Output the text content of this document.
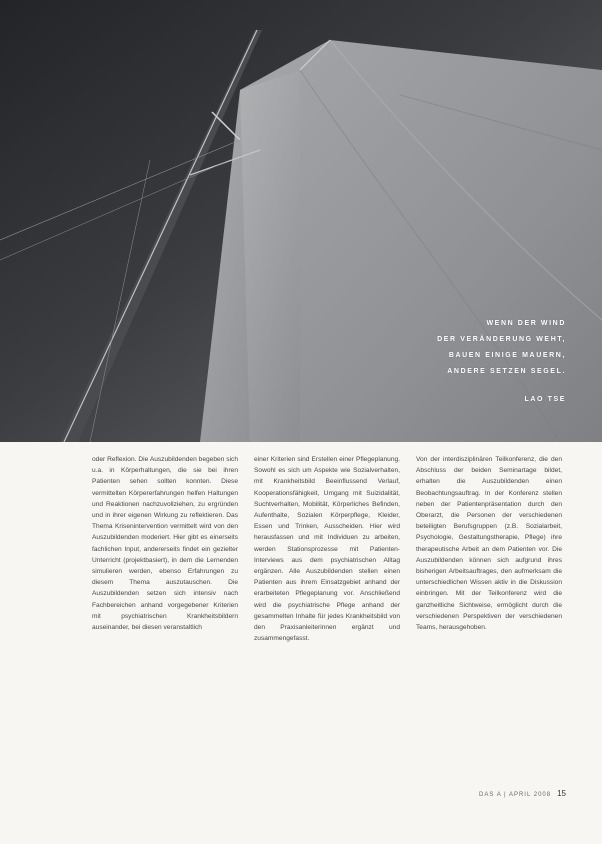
WENN DER WIND
DER VERÄNDERUNG WEHT,
BAUEN EINIGE MAUERN,
ANDERE SETZEN SEGEL.
LAO TSE

oder Reflexion. Die Auszubildenden begeben sich u.a. in Körperhaltungen, die sie bei ihren Patienten sehen sollten konnten. Diese vermittelten Körpererfahrungen helfen Haltungen und Reaktionen nachzuvollziehen, zu ergründen und in ihrer eigenen Wirkung zu reflektieren. Das Thema Krisenintervention vermittelt wird von den Auszubildenden moderiert. Hier gibt es einerseits fachlichen Input, andererseits findet ein gezielter Unterricht (projektbasiert), in dem die Lernenden simulieren werden, ebenso Erfahrungen zu diesem Thema auszutauschen. Die Auszubildenden setzen sich intensiv nach Fachbereichen anhand vorgegebener Kriterien mit psychiatrischen Krankheitsbildern auseinander, bei diesen veranstaltlich

einer Kriterien sind Erstellen einer Pflegeplanung. Sowohl es sich um Aspekte wie Sozialverhalten, mit Krankheitsbild Beeinflussend Verlauf, Kooperationsfähigkeit, Umgang mit Suizidalität, Suchtverhalten, Mobilität, Körperliches Befinden, Aufenthalte, Sozialen Körperpflege, Kleider, Essen und Trinken, Ausscheiden. Hier wird herausfassen und mit Individuen zu arbeiten, werden Stationsprozesse mit Patienten-Interviews aus dem psychiatrischen Alltag ergänzen. Alle Auszubildenden stellen einen Patienten aus ihrem Einsatzgebiet anhand der erarbeiteten Pflegeplanung vor. Anschließend wird die psychiatrische Pflege anhand der gesammelten Inhalte für jedes Krankheitsbild von den Praxisanleiterinnen ergänzt und zusammengefasst.

Von der interdisziplinären Teilkonferenz, die den Abschluss der beiden Seminartage bildet, erhalten die Auszubildenden einen Beobachtungsauftrag. In der Konferenz stellen neben der Patientenpräsentation durch den Oberarzt, die Personen der verschiedenen beteiligten Berufsgruppen (z.B. Sozialarbeit, Psychologie, Gestaltungstherapie, Pflege) ihre therapeutische Arbeit an dem Patienten vor. Die Auszubildenden können sich aufgrund ihres bisherigen Arbeitsauftrages, den aufmerksam die unterschiedlichen Wissen aktiv in die Diskussion einbringen. Mit der Teilkonferenz wird die ganzheitliche Sichtweise, ermöglicht durch die verschiedenen Perspektiven der verschiedenen Teams, herausgehoben.

DAS A | APRIL 2008 15
